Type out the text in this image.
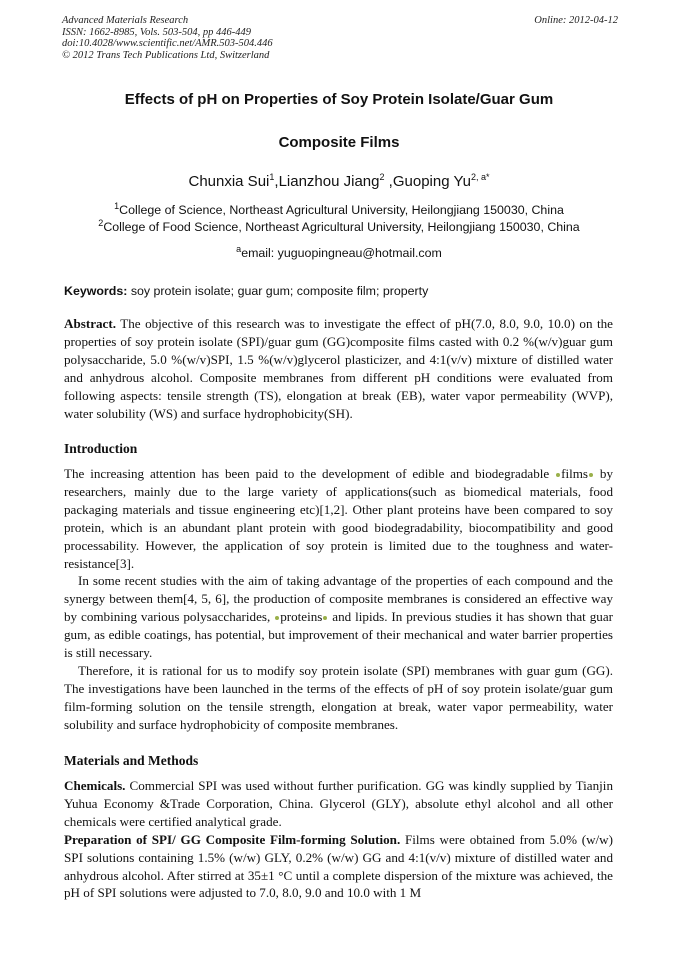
Advanced Materials Research
ISSN: 1662-8985, Vols. 503-504, pp 446-449
doi:10.4028/www.scientific.net/AMR.503-504.446
© 2012 Trans Tech Publications Ltd, Switzerland
Online: 2012-04-12
Effects of pH on Properties of Soy Protein Isolate/Guar Gum
Composite Films
Chunxia Sui$^1$,Lianzhou Jiang$^2$ ,Guoping $Yu^{2, a*}$
$^1$College of Science, Northeast Agricultural University, Heilongjiang 150030, China
$^2$College of Food Science, Northeast Agricultural University, Heilongjiang 150030, China
$^a$email: yuguopingneau@hotmail.com
Keywords: soy protein isolate; guar gum; composite film; property

Abstract. The objective of this research was to investigate the effect of pH(7.0, 8.0, 9.0, 10.0) on the properties of soy protein isolate (SPI)/guar gum (GG)composite films casted with 0.2 %(w/v)guar gum polysaccharide, 5.0 %(w/v)SPI, 1.5 %(w/v)glycerol plasticizer, and 4:1(v/v) mixture of distilled water and anhydrous alcohol. Composite membranes from different pH conditions were evaluated from following aspects: tensile strength (TS), elongation at break (EB), water vapor permeability (WVP), water solubility (WS) and surface hydrophobicity(SH).

Introduction

The increasing attention has been paid to the development of edible and biodegradable films by researchers, mainly due to the large variety of applications(such as biomedical materials, food packaging materials and tissue engineering etc)[1,2]. Other plant proteins have been compared to soy protein, which is an abundant plant protein with good biodegradability, biocompatibility and good processability. However, the application of soy protein is limited due to the toughness and water-resistance[3].

In some recent studies with the aim of taking advantage of the properties of each compound and the synergy between them[4, 5, 6], the production of composite membranes is considered an effective way by combining various polysaccharides, proteins and lipids. In previous studies it has shown that guar gum, as edible coatings, has potential, but improvement of their mechanical and water barrier properties is still necessary.

Therefore, it is rational for us to modify soy protein isolate (SPI) membranes with guar gum (GG). The investigations have been launched in the terms of the effects of pH of soy protein isolate/guar gum film-forming solution on the tensile strength, elongation at break, water vapor permeability, water solubility and surface hydrophobicity of composite membranes.

Materials and Methods

Chemicals. Commercial SPI was used without further purification. GG was kindly supplied by Tianjin Yuhua Economy &Trade Corporation, China. Glycerol (GLY), absolute ethyl alcohol and all other chemicals were certified analytical grade.

Preparation of SPI/ GG Composite Film-forming Solution. Films were obtained from 5.0% (w/w) SPI solutions containing 1.5% (w/w) GLY, 0.2% (w/w) GG and 4:1(v/v) mixture of distilled water and anhydrous alcohol. After stirred at 35±1 °C until a complete dispersion of the mixture was achieved, the pH of SPI solutions were adjusted to 7.0, 8.0, 9.0 and 10.0 with 1 M
